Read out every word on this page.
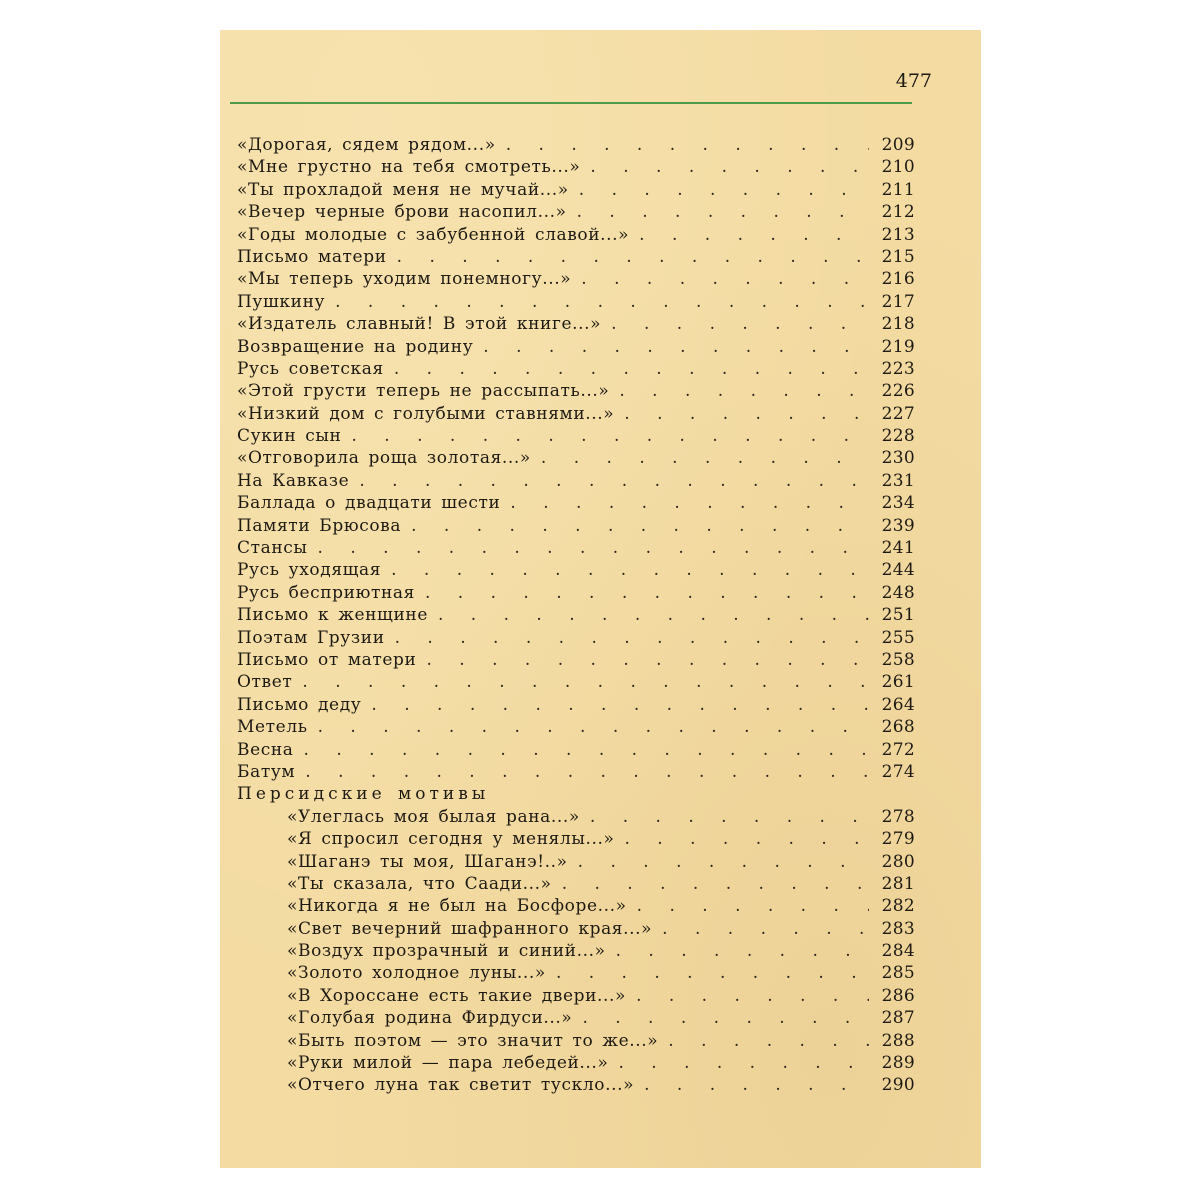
477
«Дорогая, сядем рядом...» . . .	209
«Мне грустно на тебя смотреть...» . . .	210
«Ты прохладой меня не мучай...» . . .	211
«Вечер черные брови насопил...» . . .	212
«Годы молодые с забубенной славой...» . . .	213
Письмо матери . . .	215
«Мы теперь уходим понемногу...» . . .	216
Пушкину . . .	217
«Издатель славный! В этой книге...» . . .	218
Возвращение на родину . . .	219
Русь советская . . .	223
«Этой грусти теперь не рассыпать...» . . .	226
«Низкий дом с голубыми ставнями...» . . .	227
Сукин сын . . .	228
«Отговорила роща золотая...» . . .	230
На Кавказе . . .	231
Баллада о двадцати шести . . .	234
Памяти Брюсова . . .	239
Стансы . . .	241
Русь уходящая . . .	244
Русь бесприютная . . .	248
Письмо к женщине . . .	251
Поэтам Грузии . . .	255
Письмо от матери . . .	258
Ответ . . .	261
Письмо деду . . .	264
Метель . . .	268
Весна . . .	272
Батум . . .	274
Персидские мотивы
«Улеглась моя былая рана...» . . .	278
«Я спросил сегодня у менялы...» . . .	279
«Шаганэ ты моя, Шаганэ!..» . . .	280
«Ты сказала, что Саади...» . . .	281
«Никогда я не был на Босфоре...» . . .	282
«Свет вечерний шафранного края...» . . .	283
«Воздух прозрачный и синий...» . . .	284
«Золото холодное луны...» . . .	285
«В Хороссане есть такие двери...» . . .	286
«Голубая родина Фирдуси...» . . .	287
«Быть поэтом — это значит то же...» . . .	288
«Руки милой — пара лебедей...» . . .	289
«Отчего луна так светит тускло...» . . .	290
